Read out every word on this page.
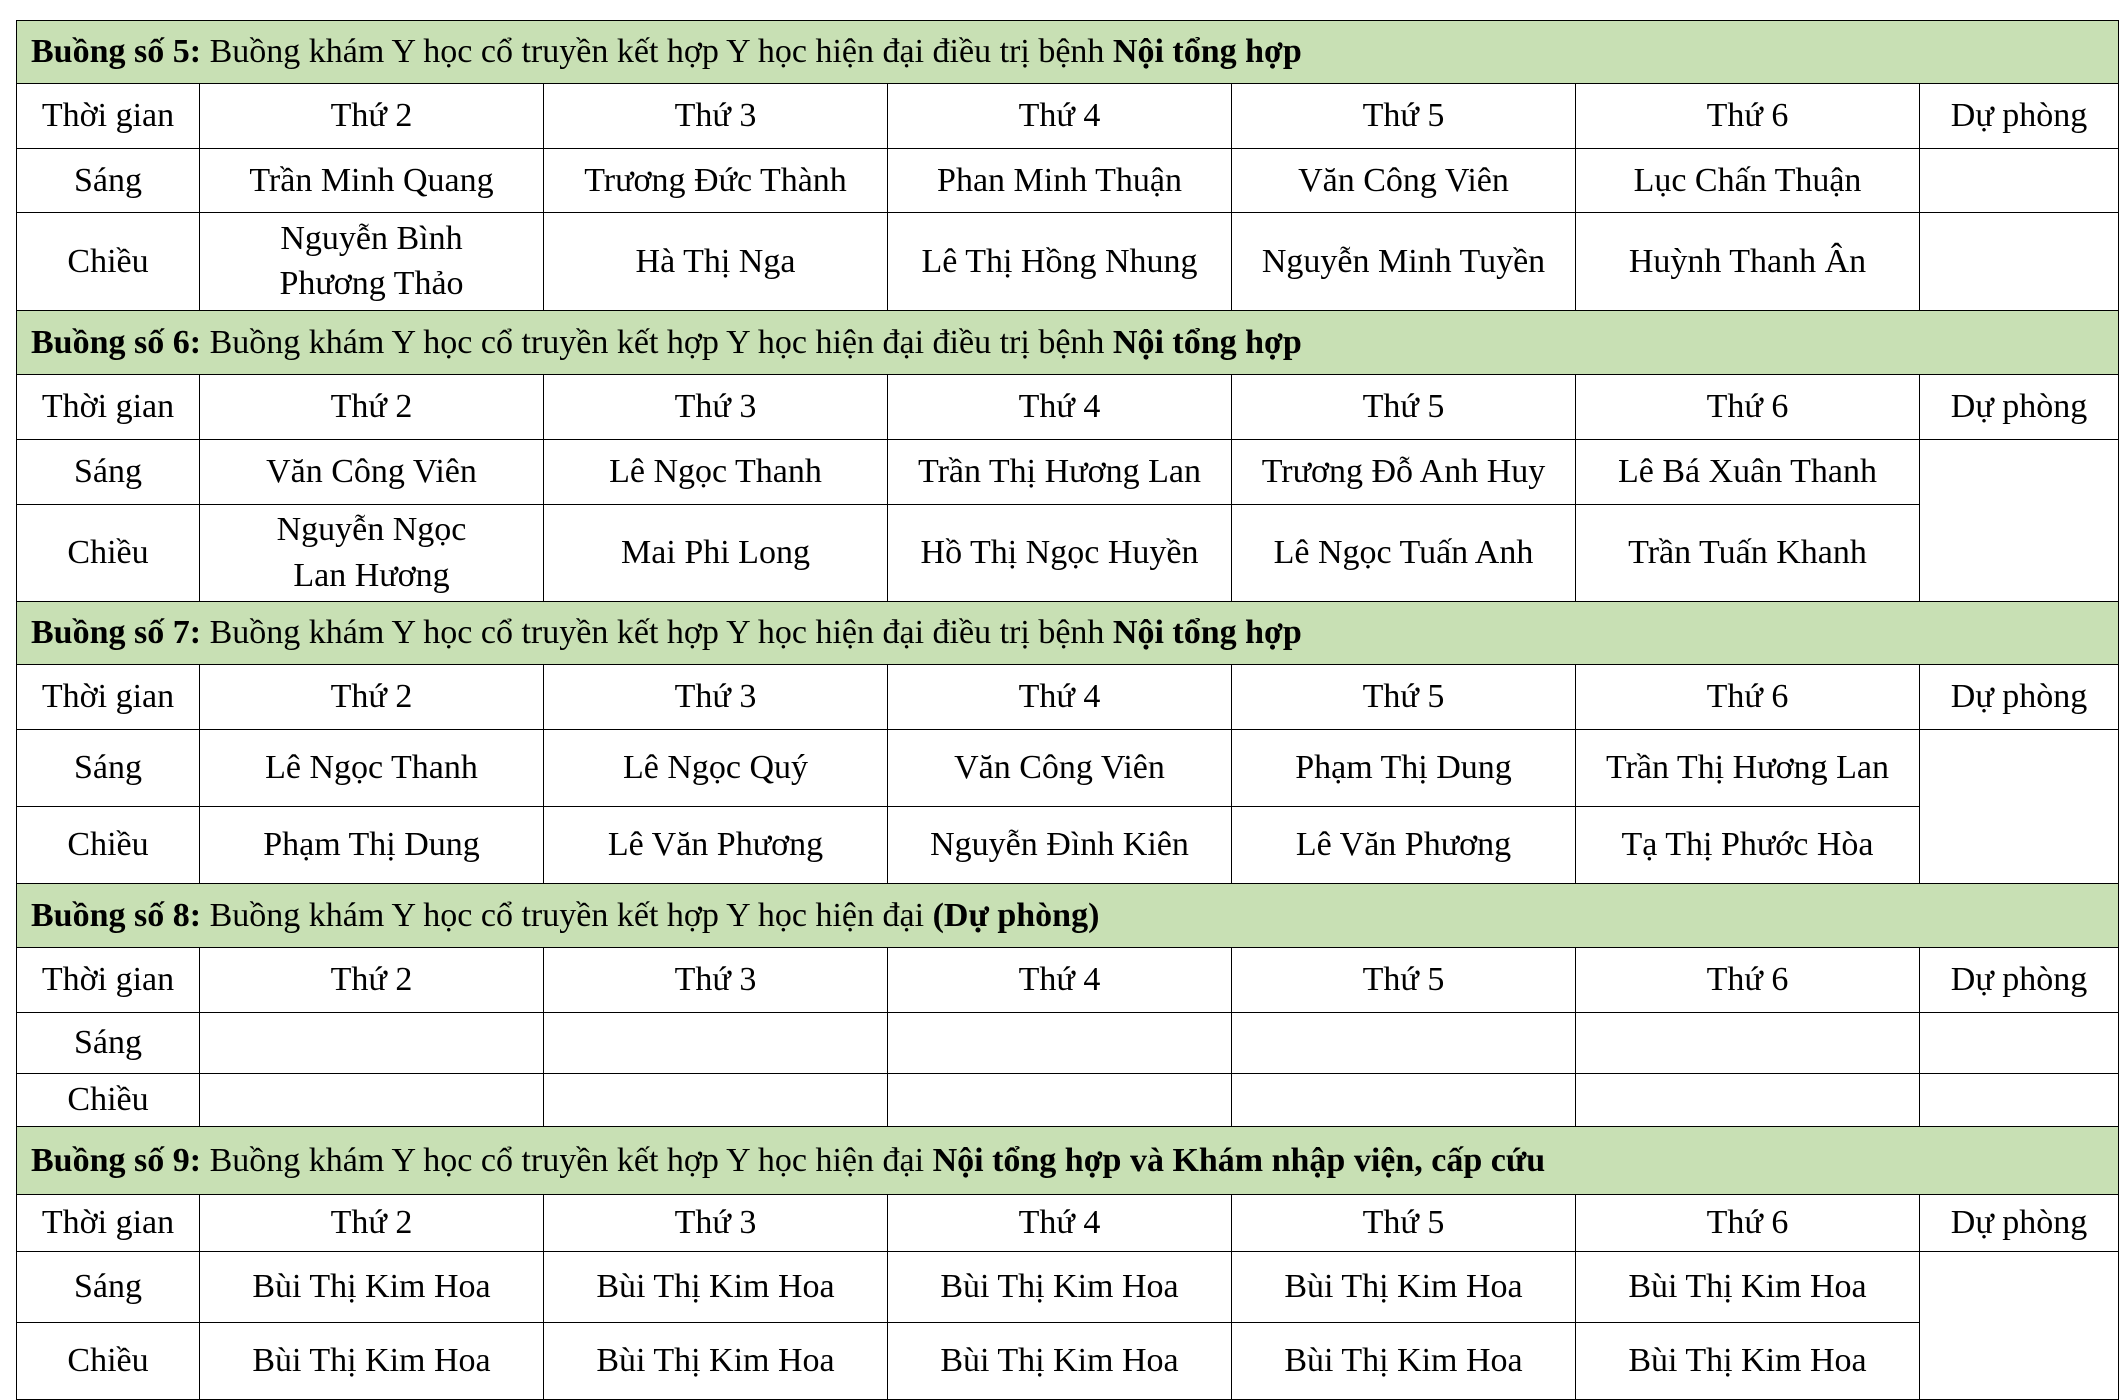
Buồng số 5: Buồng khám Y học cổ truyền kết hợp Y học hiện đại điều trị bệnh Nội tổng hợp						
Thời gian	Thứ 2	Thứ 3	Thứ 4	Thứ 5	Thứ 6	Dự phòng
Sáng	Trần Minh Quang	Trương Đức Thành	Phan Minh Thuận	Văn Công Viên	Lục Chấn Thuận	
Chiều	Nguyễn Bình Phương Thảo	Hà Thị Nga	Lê Thị Hồng Nhung	Nguyễn Minh Tuyền	Huỳnh Thanh Ân	
Buồng số 6: Buồng khám Y học cổ truyền kết hợp Y học hiện đại điều trị bệnh Nội tổng hợp						
Thời gian	Thứ 2	Thứ 3	Thứ 4	Thứ 5	Thứ 6	Dự phòng
Sáng	Văn Công Viên	Lê Ngọc Thanh	Trần Thị Hương Lan	Trương Đỗ Anh Huy	Lê Bá Xuân Thanh	
Chiều	Nguyễn Ngọc Lan Hương	Mai Phi Long	Hồ Thị Ngọc Huyền	Lê Ngọc Tuấn Anh	Trần Tuấn Khanh	
Buồng số 7: Buồng khám Y học cổ truyền kết hợp Y học hiện đại điều trị bệnh Nội tổng hợp						
Thời gian	Thứ 2	Thứ 3	Thứ 4	Thứ 5	Thứ 6	Dự phòng
Sáng	Lê Ngọc Thanh	Lê Ngọc Quý	Văn Công Viên	Phạm Thị Dung	Trần Thị Hương Lan	
Chiều	Phạm Thị Dung	Lê Văn Phương	Nguyễn Đình Kiên	Lê Văn Phương	Tạ Thị Phước Hòa	
Buồng số 8: Buồng khám Y học cổ truyền kết hợp Y học hiện đại (Dự phòng)						
Thời gian	Thứ 2	Thứ 3	Thứ 4	Thứ 5	Thứ 6	Dự phòng
Sáng						
Chiều						
Buồng số 9: Buồng khám Y học cổ truyền kết hợp Y học hiện đại Nội tổng hợp và Khám nhập viện, cấp cứu						
Thời gian	Thứ 2	Thứ 3	Thứ 4	Thứ 5	Thứ 6	Dự phòng
Sáng	Bùi Thị Kim Hoa	Bùi Thị Kim Hoa	Bùi Thị Kim Hoa	Bùi Thị Kim Hoa	Bùi Thị Kim Hoa	
Chiều	Bùi Thị Kim Hoa	Bùi Thị Kim Hoa	Bùi Thị Kim Hoa	Bùi Thị Kim Hoa	Bùi Thị Kim Hoa	
